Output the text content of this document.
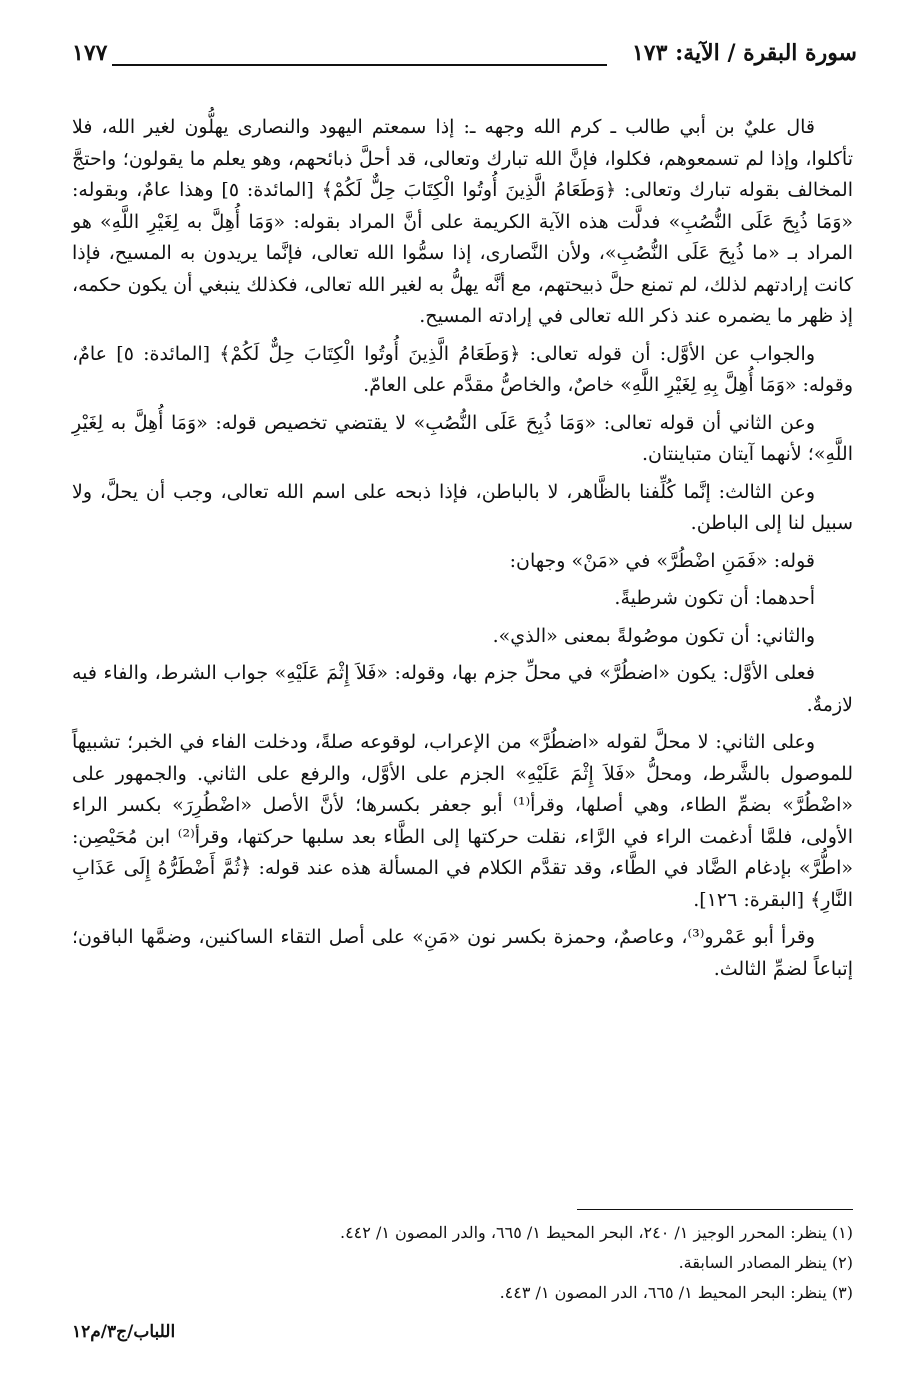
سورة البقرة / الآية: ١٧٣
١٧٧

قال عليٌ بن أبي طالب ـ كرم الله وجهه ـ: إذا سمعتم اليهود والنصارى يهلُّون لغير الله، فلا تأكلوا، وإذا لم تسمعوهم، فكلوا، فإنَّ الله تبارك وتعالى، قد أحلَّ ذبائحهم، وهو يعلم ما يقولون؛ واحتجَّ المخالف بقوله تبارك وتعالى: ﴿وَطَعَامُ الَّذِينَ أُوتُوا الْكِتَابَ حِلٌّ لَكُمْ﴾ [المائدة: ٥] وهذا عامٌ، وبقوله: «وَمَا ذُبِحَ عَلَى النُّصُبِ» فدلَّت هذه الآية الكريمة على أنَّ المراد بقوله: «وَمَا أُهِلَّ به لِغَيْرِ اللَّهِ» هو المراد بـ «ما ذُبِحَ عَلَى النُّصُبِ»، ولأن النَّصارى، إذا سمُّوا الله تعالى، فإنَّما يريدون به المسيح، فإذا كانت إرادتهم لذلك، لم تمنع حلَّ ذبيحتهم، مع أنَّه يهلُّ به لغير الله تعالى، فكذلك ينبغي أن يكون حكمه، إذ ظهر ما يضمره عند ذكر الله تعالى في إرادته المسيح.

والجواب عن الأوَّل: أن قوله تعالى: ﴿وَطَعَامُ الَّذِينَ أُوتُوا الْكِتَابَ حِلٌّ لَكُمْ﴾ [المائدة: ٥] عامٌ، وقوله: «وَمَا أُهِلَّ بِهِ لِغَيْرِ اللَّهِ» خاصٌ، والخاصُّ مقدَّم على العامّ.

وعن الثاني أن قوله تعالى: «وَمَا ذُبِحَ عَلَى النُّصُبِ» لا يقتضي تخصيص قوله: «وَمَا أُهِلَّ به لِغَيْرِ اللَّهِ»؛ لأنهما آيتان متباينتان.

وعن الثالث: إنَّما كُلِّفنا بالظَّاهر، لا بالباطن، فإذا ذبحه على اسم الله تعالى، وجب أن يحلَّ، ولا سبيل لنا إلى الباطن.

قوله: «فَمَنِ اضْطُرَّ» في «مَنْ» وجهان:

أحدهما: أن تكون شرطيةً.

والثاني: أن تكون موصُولةً بمعنى «الذي».

فعلى الأوَّل: يكون «اضطُرَّ» في محلِّ جزم بها، وقوله: «فَلاَ إِثْمَ عَلَيْهِ» جواب الشرط، والفاء فيه لازمةٌ.

وعلى الثاني: لا محلَّ لقوله «اضطُرَّ» من الإعراب، لوقوعه صلةً، ودخلت الفاء في الخبر؛ تشبيهاً للموصول بالشَّرط، ومحلُّ «فَلاَ إِثْمَ عَلَيْهِ» الجزم على الأوَّل، والرفع على الثاني. والجمهور على «اضْطُرَّ» بضمِّ الطاء، وهي أصلها، وقرأ⁽¹⁾ أبو جعفر بكسرها؛ لأنَّ الأصل «اضْطُرِرَ» بكسر الراء الأولى، فلمَّا أدغمت الراء في الرَّاء، نقلت حركتها إلى الطَّاء بعد سلبها حركتها، وقرأ⁽²⁾ ابن مُحَيْصِن: «اطُّرَّ» بإدغام الضَّاد في الطَّاء، وقد تقدَّم الكلام في المسألة هذه عند قوله: ﴿ثُمَّ أَضْطَرُّهُ إِلَى عَذَابِ النَّارِ﴾ [البقرة: ١٢٦].

وقرأ أبو عَمْرو⁽³⁾، وعاصمٌ، وحمزة بكسر نون «مَنِ» على أصل التقاء الساكنين، وضمَّها الباقون؛ إتباعاً لضمِّ الثالث.

(١) ينظر: المحرر الوجيز ١/ ٢٤٠، البحر المحيط ١/ ٦٦٥، والدر المصون ١/ ٤٤٢.
(٢) ينظر المصادر السابقة.
(٣) ينظر: البحر المحيط ١/ ٦٦٥، الدر المصون ١/ ٤٤٣.
اللباب/ج٣/م١٢
